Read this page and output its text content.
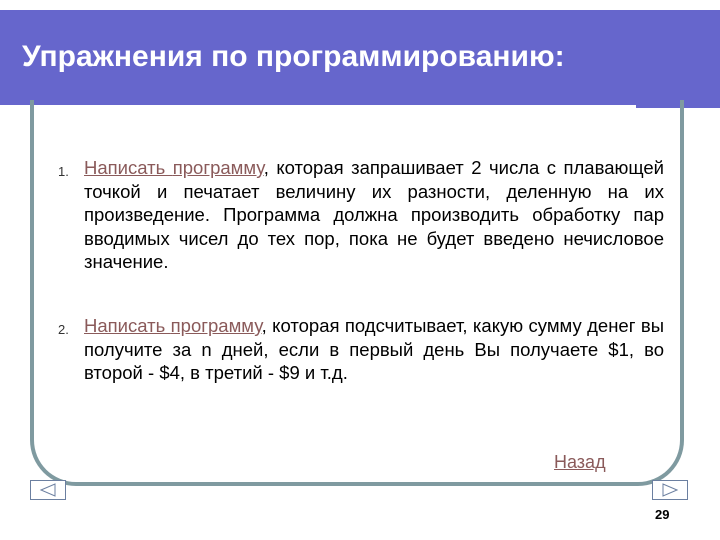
Упражнения по программированию:
1. Написать программу, которая запрашивает 2 числа с плавающей точкой и печатает величину их разности, деленную на их произведение. Программа должна производить обработку пар вводимых чисел до тех пор, пока не будет введено нечисловое значение.
2. Написать программу, которая подсчитывает, какую сумму денег вы получите за n дней, если в первый день Вы получаете $1, во второй - $4, в третий - $9 и т.д.
Назад
29
